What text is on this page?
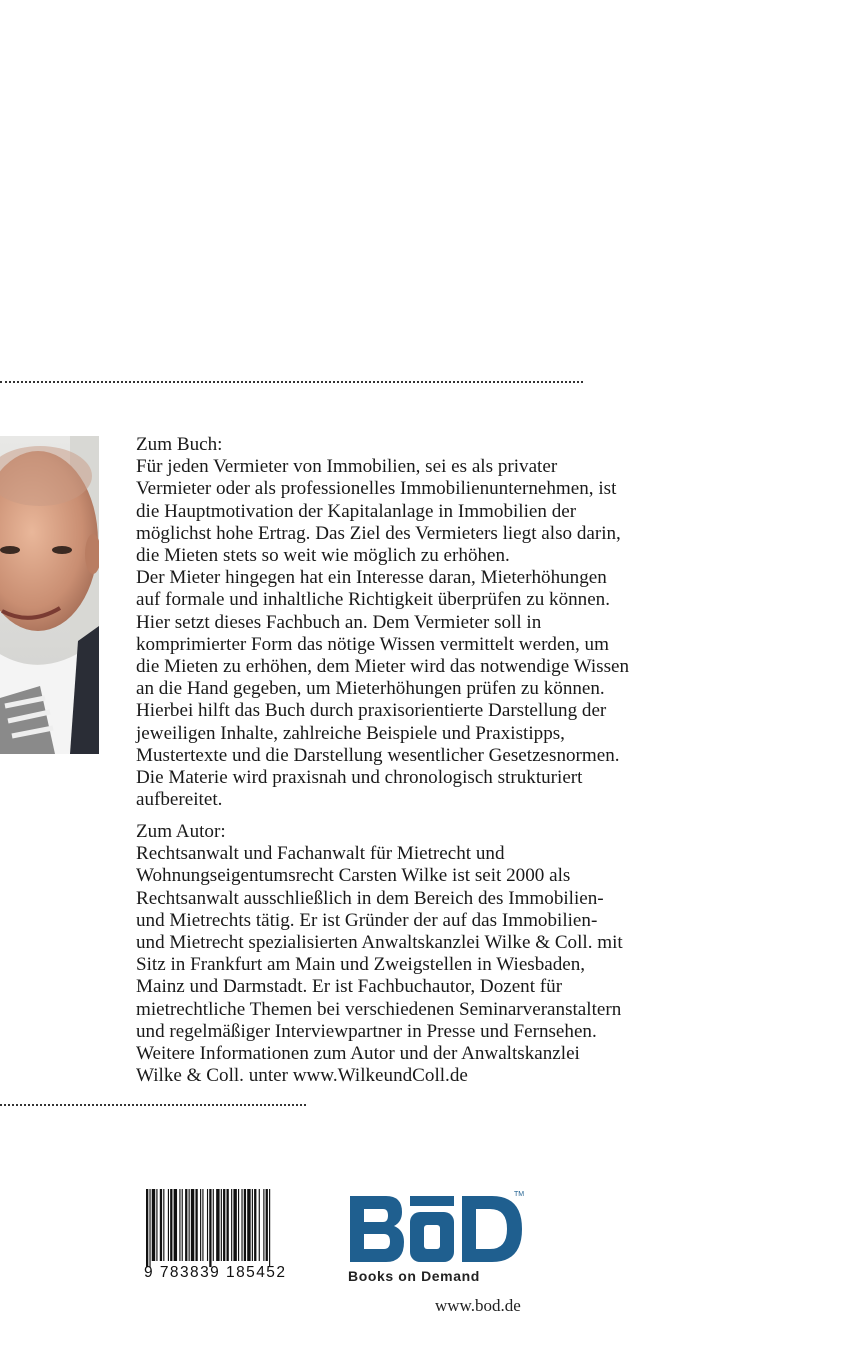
Zum Buch:

Für jeden Vermieter von Immobilien, sei es als privater

Vermieter oder als professionelles Immobilienunternehmen, ist

die Hauptmotivation der Kapitalanlage in Immobilien der

möglichst hohe Ertrag. Das Ziel des Vermieters liegt also darin,

die Mieten stets so weit wie möglich zu erhöhen.

Der Mieter hingegen hat ein Interesse daran, Mieterhöhungen

auf formale und inhaltliche Richtigkeit überprüfen zu können.

Hier setzt dieses Fachbuch an. Dem Vermieter soll in

komprimierter Form das nötige Wissen vermittelt werden, um

die Mieten zu erhöhen, dem Mieter wird das notwendige Wissen

an die Hand gegeben, um Mieterhöhungen prüfen zu können.

Hierbei hilft das Buch durch praxisorientierte Darstellung der

jeweiligen Inhalte, zahlreiche Beispiele und Praxistipps,

Mustertexte und die Darstellung wesentlicher Gesetzesnormen.

Die Materie wird praxisnah und chronologisch strukturiert

aufbereitet.

Zum Autor:

Rechtsanwalt und Fachanwalt für Mietrecht und

Wohnungseigentumsrecht Carsten Wilke ist seit 2000 als

Rechtsanwalt ausschließlich in dem Bereich des Immobilien-

und Mietrechts tätig. Er ist Gründer der auf das Immobilien-

und Mietrecht spezialisierten Anwaltskanzlei Wilke & Coll. mit

Sitz in Frankfurt am Main und Zweigstellen in Wiesbaden,

Mainz und Darmstadt. Er ist Fachbuchautor, Dozent für

mietrechtliche Themen bei verschiedenen Seminarveranstaltern

und regelmäßiger Interviewpartner in Presse und Fernsehen.

Weitere Informationen zum Autor und der Anwaltskanzlei

Wilke & Coll. unter www.WilkeundColl.de

9 783839 185452
TM
Books on Demand
www.bod.de
